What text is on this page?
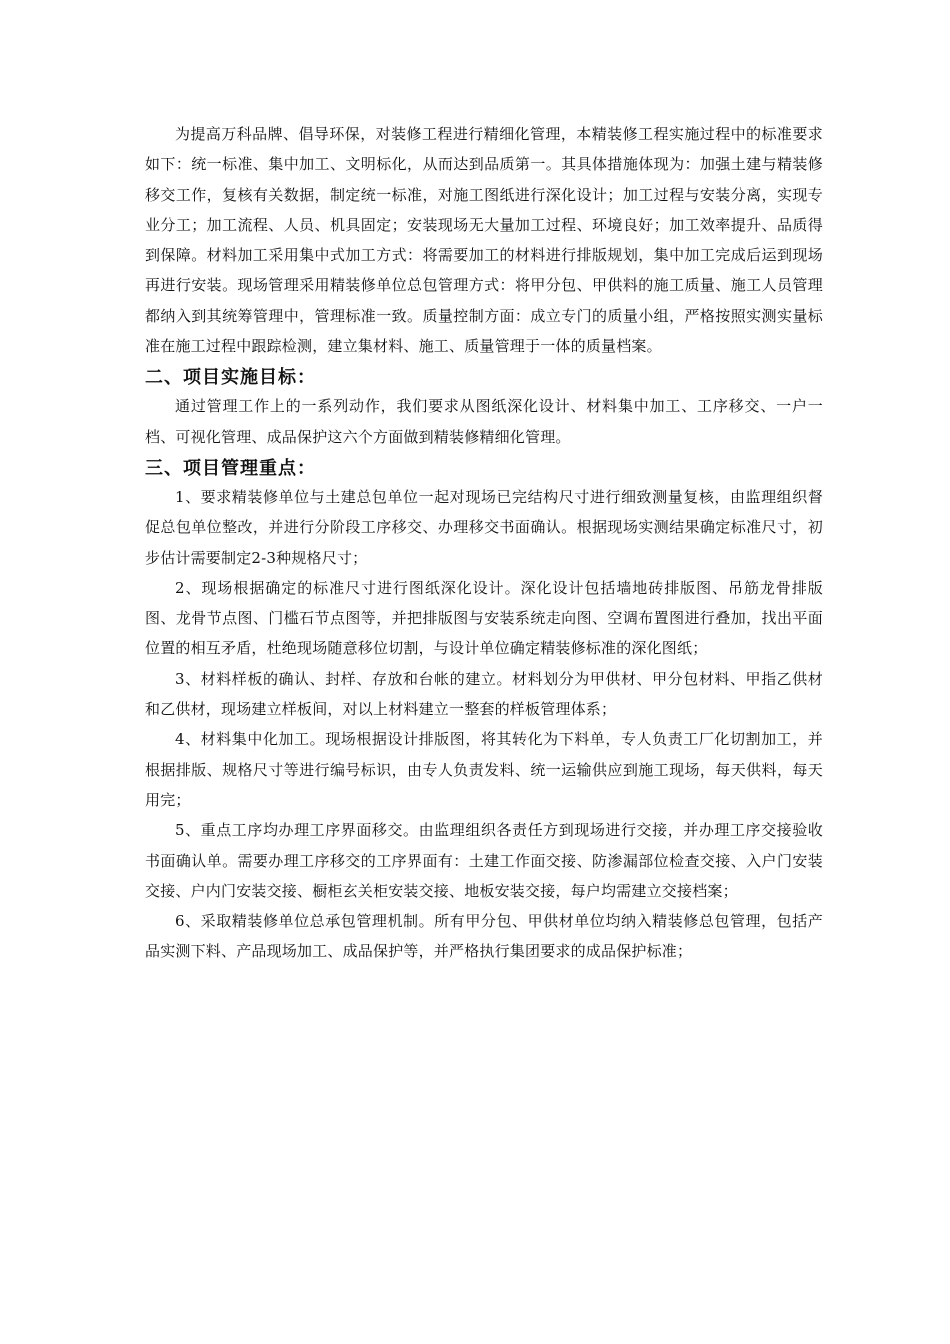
为提高万科品牌、倡导环保，对装修工程进行精细化管理，本精装修工程实施过程中的标准要求如下：统一标准、集中加工、文明标化，从而达到品质第一。其具体措施体现为：加强土建与精装修移交工作，复核有关数据，制定统一标准，对施工图纸进行深化设计；加工过程与安装分离，实现专业分工；加工流程、人员、机具固定；安装现场无大量加工过程、环境良好；加工效率提升、品质得到保障。材料加工采用集中式加工方式：将需要加工的材料进行排版规划，集中加工完成后运到现场再进行安装。现场管理采用精装修单位总包管理方式：将甲分包、甲供料的施工质量、施工人员管理都纳入到其统筹管理中，管理标准一致。质量控制方面：成立专门的质量小组，严格按照实测实量标准在施工过程中跟踪检测，建立集材料、施工、质量管理于一体的质量档案。

二、项目实施目标：

通过管理工作上的一系列动作，我们要求从图纸深化设计、材料集中加工、工序移交、一户一档、可视化管理、成品保护这六个方面做到精装修精细化管理。

三、项目管理重点：

1、要求精装修单位与土建总包单位一起对现场已完结构尺寸进行细致测量复核，由监理组织督促总包单位整改，并进行分阶段工序移交、办理移交书面确认。根据现场实测结果确定标准尺寸，初步估计需要制定2-3种规格尺寸；

2、现场根据确定的标准尺寸进行图纸深化设计。深化设计包括墙地砖排版图、吊筋龙骨排版图、龙骨节点图、门槛石节点图等，并把排版图与安装系统走向图、空调布置图进行叠加，找出平面位置的相互矛盾，杜绝现场随意移位切割，与设计单位确定精装修标准的深化图纸；

3、材料样板的确认、封样、存放和台帐的建立。材料划分为甲供材、甲分包材料、甲指乙供材和乙供材，现场建立样板间，对以上材料建立一整套的样板管理体系；

4、材料集中化加工。现场根据设计排版图，将其转化为下料单，专人负责工厂化切割加工，并根据排版、规格尺寸等进行编号标识，由专人负责发料、统一运输供应到施工现场，每天供料，每天用完；

5、重点工序均办理工序界面移交。由监理组织各责任方到现场进行交接，并办理工序交接验收书面确认单。需要办理工序移交的工序界面有：土建工作面交接、防渗漏部位检查交接、入户门安装交接、户内门安装交接、橱柜玄关柜安装交接、地板安装交接，每户均需建立交接档案；

6、采取精装修单位总承包管理机制。所有甲分包、甲供材单位均纳入精装修总包管理，包括产品实测下料、产品现场加工、成品保护等，并严格执行集团要求的成品保护标准；
